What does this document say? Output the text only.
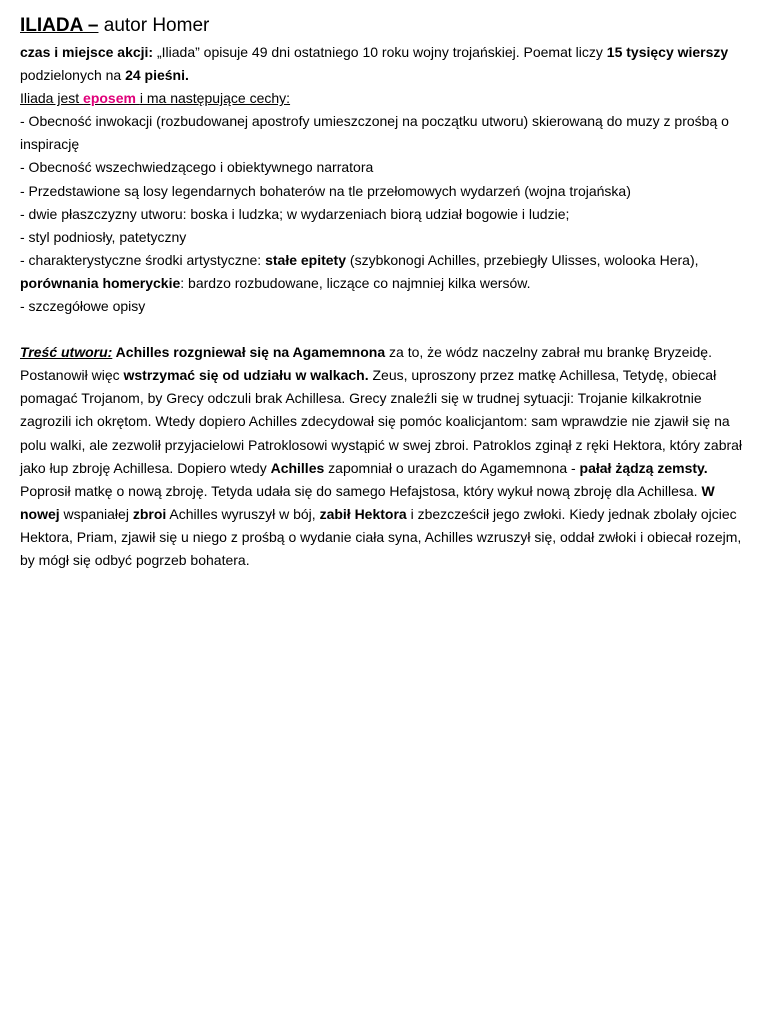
ILIADA – autor Homer

czas i miejsce akcji: „Iliada” opisuje 49 dni ostatniego 10 roku wojny trojańskiej. Poemat liczy 15 tysięcy wierszy podzielonych na 24 pieśni.

Iliada jest eposem i ma następujące cechy:

- Obecność inwokacji (rozbudowanej apostrofy umieszczonej na początku utworu) skierowaną do muzy z prośbą o inspirację

- Obecność wszechwiedzącego i obiektywnego narratora

- Przedstawione są losy legendarnych bohaterów na tle przełomowych wydarzeń (wojna trojańska)

- dwie płaszczyzny utworu: boska i ludzka; w wydarzeniach biorą udział bogowie i ludzie;

- styl podniosły, patetyczny

- charakterystyczne środki artystyczne: stałe epitety (szybkonogi Achilles, przebiegły Ulisses, wolooka Hera), porównania homeryckie: bardzo rozbudowane, liczące co najmniej kilka wersów.

- szczegółowe opisy

Treść utworu: Achilles rozgniewał się na Agamemnona za to, że wódz naczelny zabrał mu brankę Bryzeidę. Postanowił więc wstrzymać się od udziału w walkach. Zeus, uproszony przez matkę Achillesa, Tetydę, obiecał pomagać Trojanom, by Grecy odczuli brak Achillesa. Grecy znaleźli się w trudnej sytuacji: Trojanie kilkakrotnie zagrozili ich okrętom. Wtedy dopiero Achilles zdecydował się pomóc koalicjantom: sam wprawdzie nie zjawił się na polu walki, ale zezwolił przyjacielowi Patroklosowi wystąpić w swej zbroi. Patroklos zginął z ręki Hektora, który zabrał jako łup zbroję Achillesa. Dopiero wtedy Achilles zapomniał o urazach do Agamemnona - pałał żądzą zemsty. Poprosił matkę o nową zbroję. Tetyda udała się do samego Hefajstosa, który wykuł nową zbroję dla Achillesa. W nowej wspaniałej zbroi Achilles wyruszył w bój, zabił Hektora i zbezcześcił jego zwłoki. Kiedy jednak zbolały ojciec Hektora, Priam, zjawił się u niego z prośbą o wydanie ciała syna, Achilles wzruszył się, oddał zwłoki i obiecał rozejm, by mógł się odbyć pogrzeb bohatera.
